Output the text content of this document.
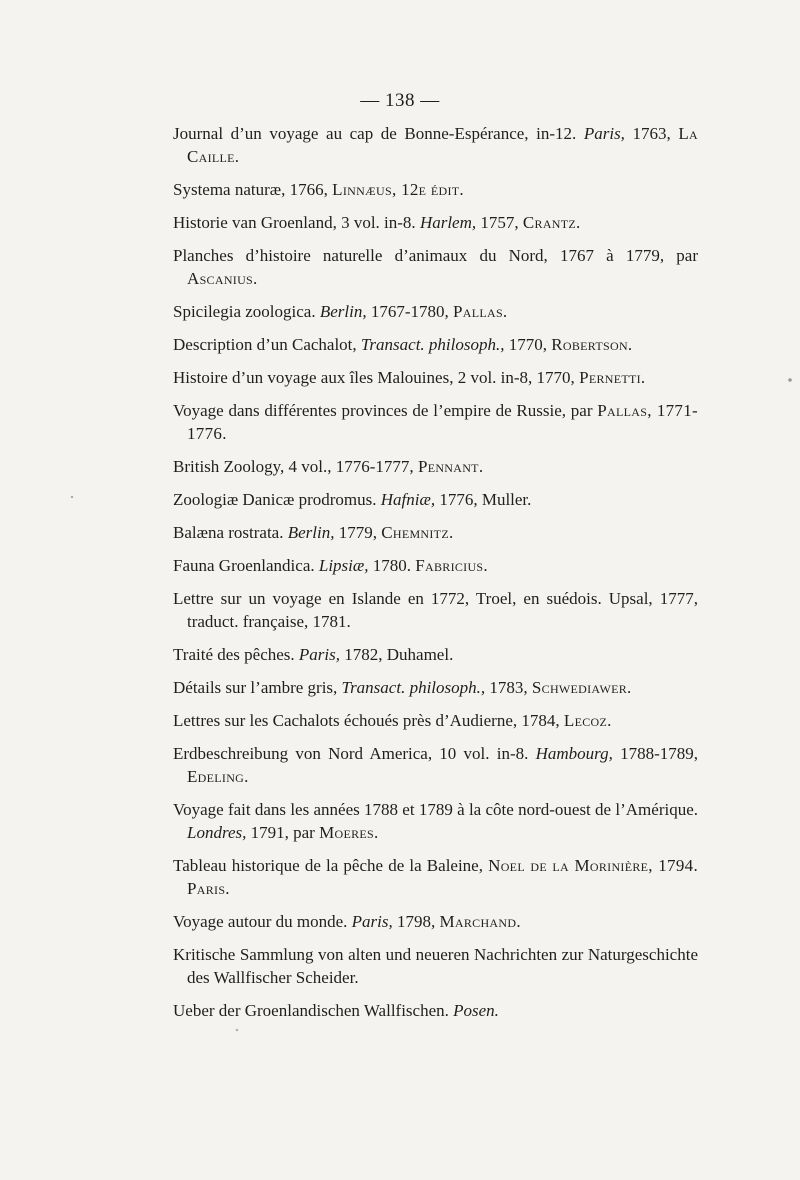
— 138 —

Journal d’un voyage au cap de Bonne-Espérance, in-12. Paris, 1763, La Caille.

Systema naturæ, 1766, Linnæus, 12e édit.

Historie van Groenland, 3 vol. in-8. Harlem, 1757, Crantz.

Planches d’histoire naturelle d’animaux du Nord, 1767 à 1779, par Ascanius.

Spicilegia zoologica. Berlin, 1767-1780, Pallas.

Description d’un Cachalot, Transact. philosoph., 1770, Robertson.

Histoire d’un voyage aux îles Malouines, 2 vol. in-8, 1770, Pernetti.

Voyage dans différentes provinces de l’empire de Russie, par Pallas, 1771-1776.

British Zoology, 4 vol., 1776-1777, Pennant.

Zoologiæ Danicæ prodromus. Hafniæ, 1776, Muller.

Balæna rostrata. Berlin, 1779, Chemnitz.

Fauna Groenlandica. Lipsiæ, 1780. Fabricius.

Lettre sur un voyage en Islande en 1772, Troel, en suédois. Upsal, 1777, traduct. française, 1781.

Traité des pêches. Paris, 1782, Duhamel.

Détails sur l’ambre gris, Transact. philosoph., 1783, Schwediawer.

Lettres sur les Cachalots échoués près d’Audierne, 1784, Lecoz.

Erdbeschreibung von Nord America, 10 vol. in-8. Hambourg, 1788-1789, Edeling.

Voyage fait dans les années 1788 et 1789 à la côte nord-ouest de l’Amérique. Londres, 1791, par Moeres.

Tableau historique de la pêche de la Baleine, Noel de la Morinière, 1794. Paris.

Voyage autour du monde. Paris, 1798, Marchand.

Kritische Sammlung von alten und neueren Nachrichten zur Naturgeschichte des Wallfischer Scheider.

Ueber der Groenlandischen Wallfischen. Posen.
